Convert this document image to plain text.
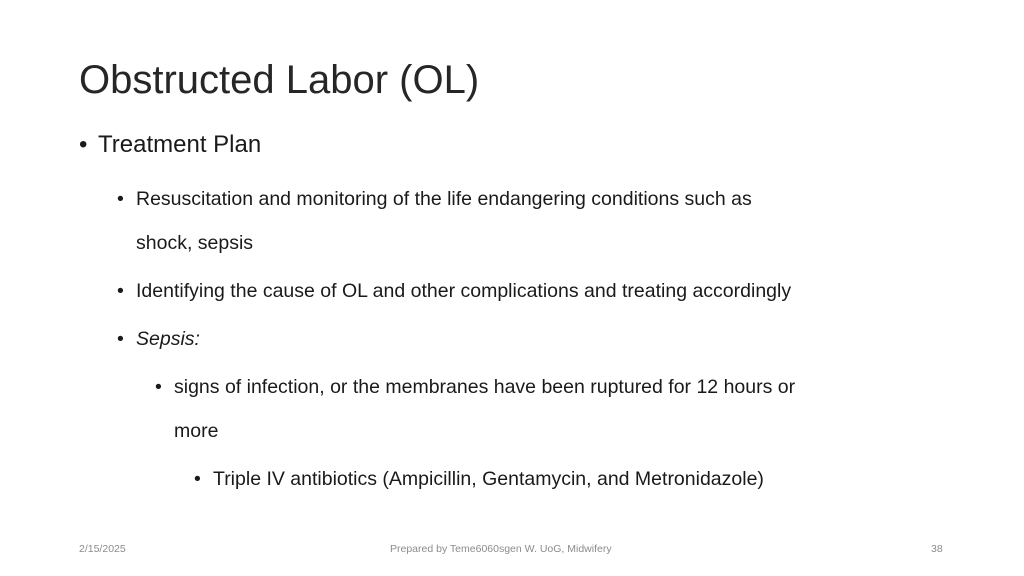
Obstructed Labor (OL)
• Treatment Plan
• Resuscitation and monitoring of the life endangering conditions such as
shock, sepsis
• Identifying the cause of OL and other complications and treating accordingly
• Sepsis:
• signs of infection, or the membranes have been ruptured for 12 hours or
more
• Triple IV antibiotics (Ampicillin, Gentamycin, and Metronidazole)
2/15/2025	Prepared by Teme6060sgen W. UoG, Midwifery	38
